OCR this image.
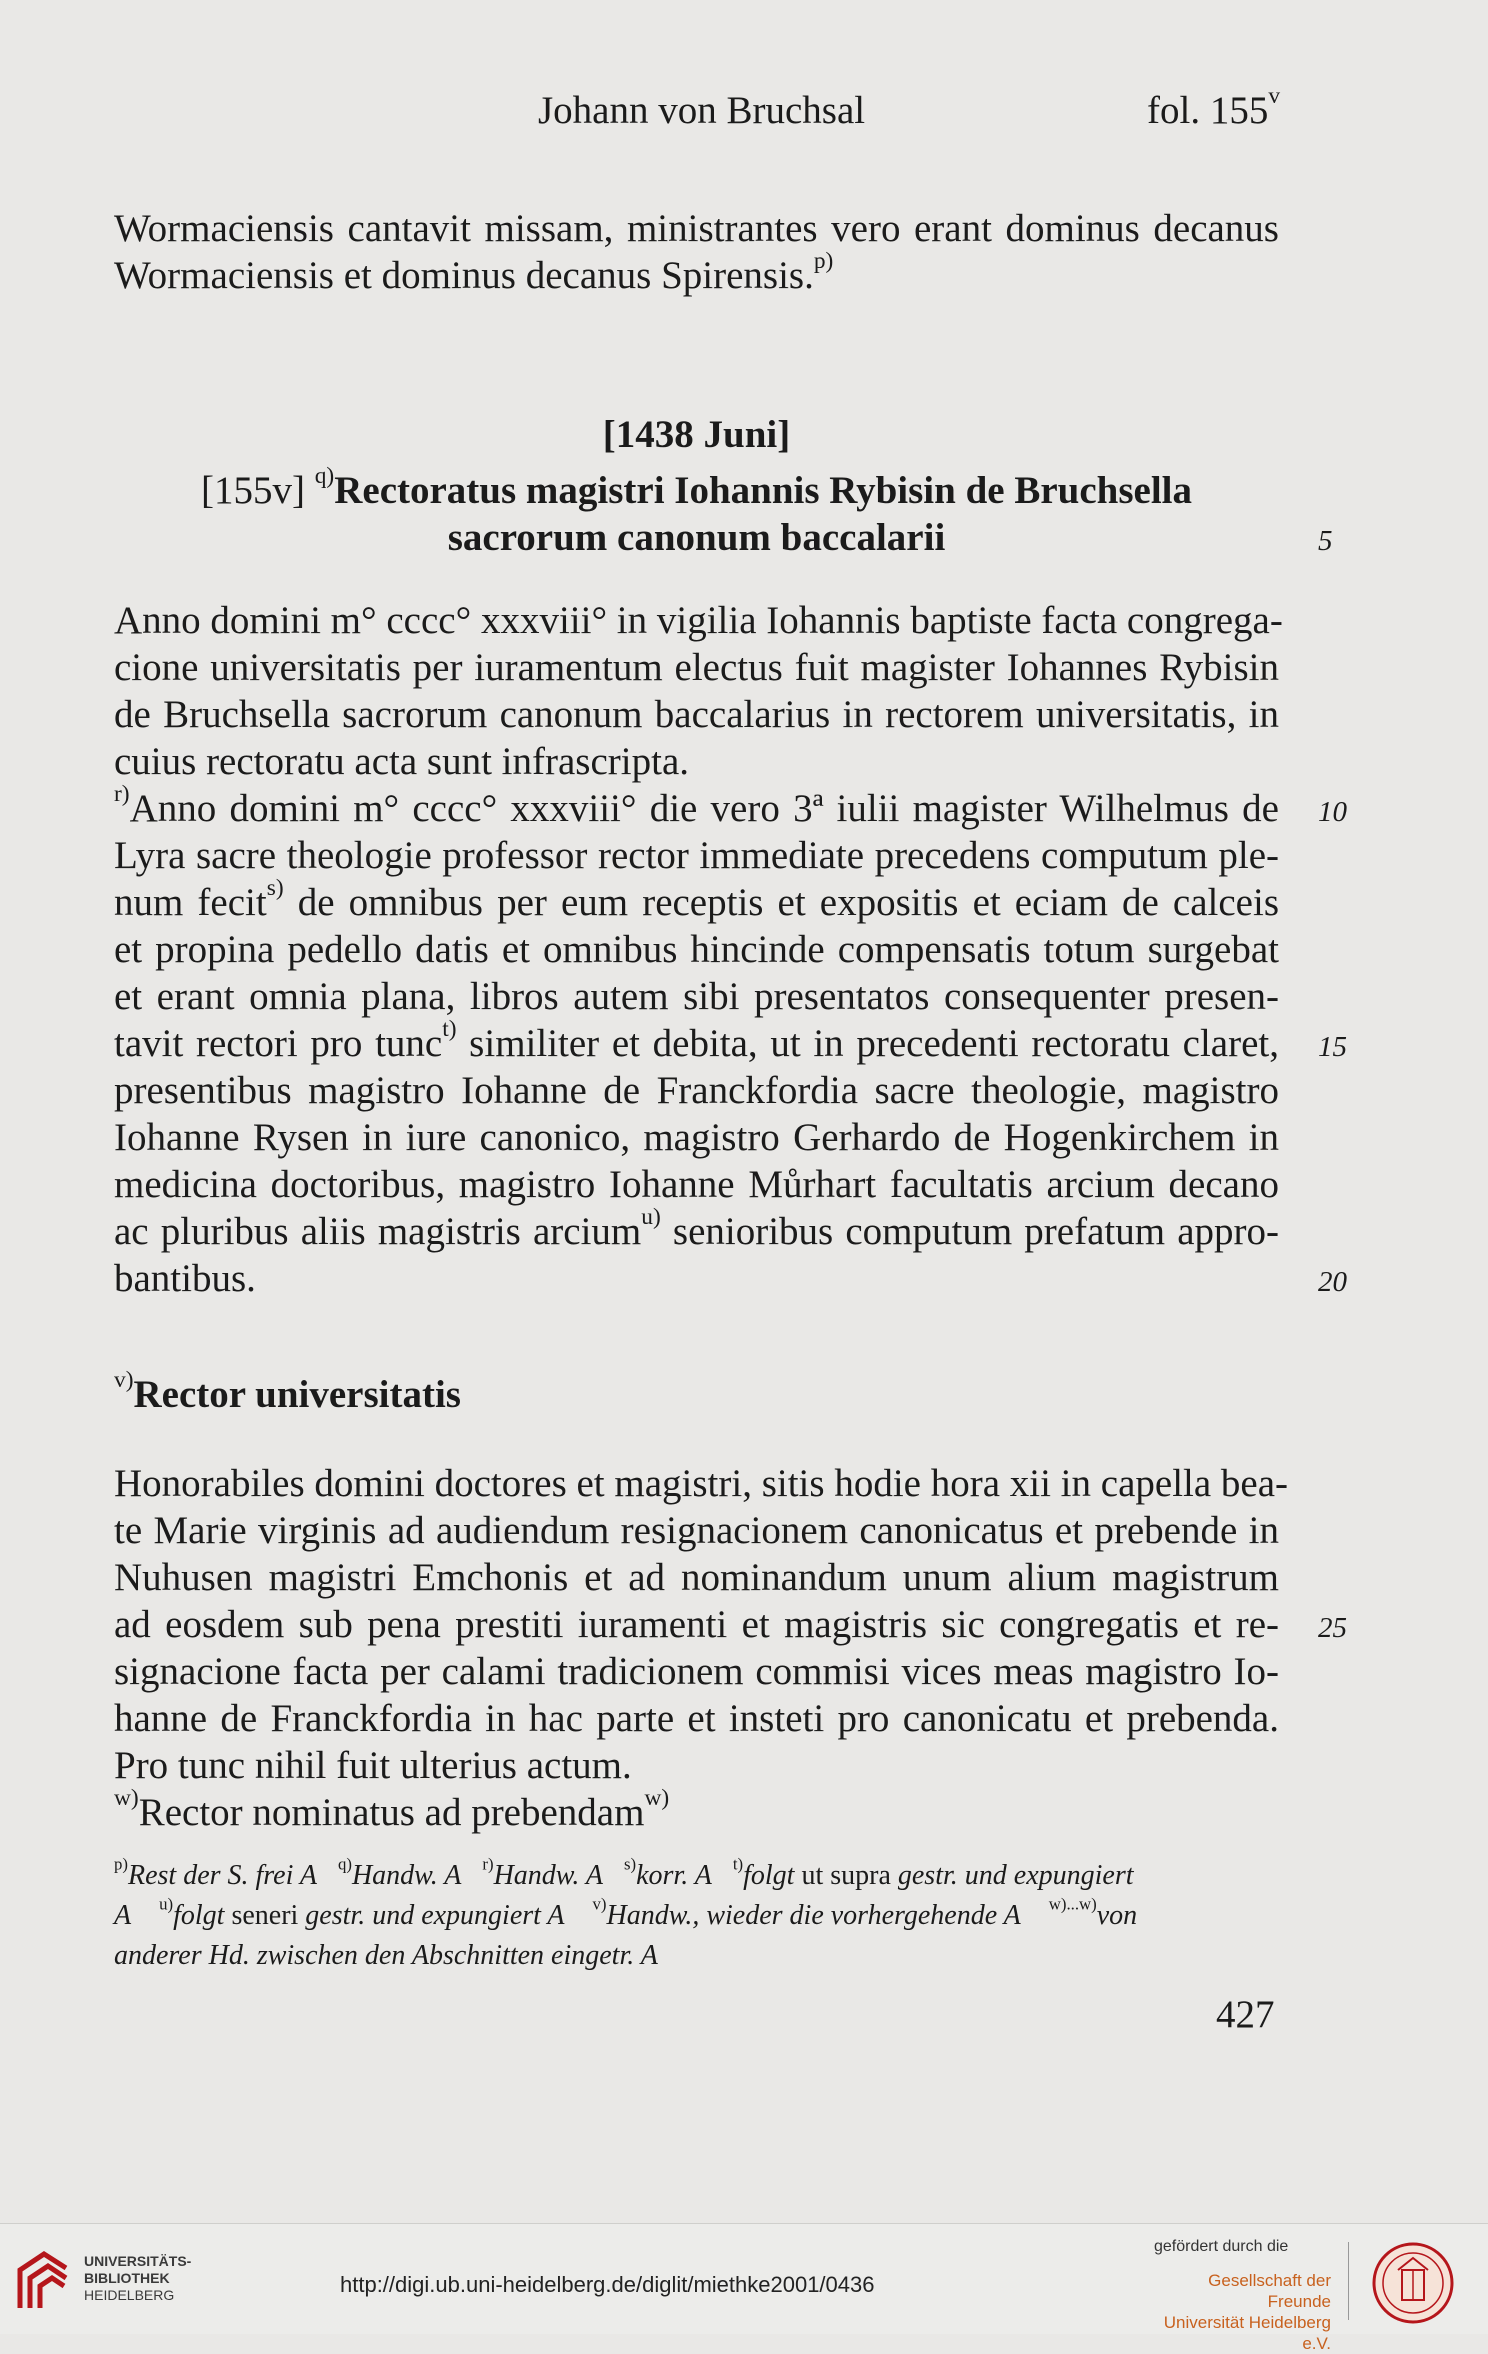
Johann von Bruchsal	fol. 155$^v$
Wormaciensis cantavit missam, ministrantes vero erant dominus decanus
Wormaciensis et dominus decanus Spirensis.$^{p)}$
[1438 Juni]
[155v] $^{q)}$Rectoratus magistri Iohannis Rybisin de Bruchsella
sacrorum canonum baccalarii	5
Anno domini m° cccc° xxxviii° in vigilia Iohannis baptiste facta congrega-
cione universitatis per iuramentum electus fuit magister Iohannes Rybisin
de Bruchsella sacrorum canonum baccalarius in rectorem universitatis, in
cuius rectoratu acta sunt infrascripta.
$^{r)}$Anno domini m° cccc° xxxviii° die vero 3ª iulii magister Wilhelmus de 10
Lyra sacre theologie professor rector immediate precedens computum ple-
num fecit$^{s)}$ de omnibus per eum receptis et expositis et eciam de calceis
et propina pedello datis et omnibus hincinde compensatis totum surgebat
et erant omnia plana, libros autem sibi presentatos consequenter presen-
tavit rectori pro tunc$^{t)}$ similiter et debita, ut in precedenti rectoratu claret, 15
presentibus magistro Iohanne de Franckfordia sacre theologie, magistro
Iohanne Rysen in iure canonico, magistro Gerhardo de Hogenkirchem in
medicina doctoribus, magistro Iohanne Můrhart facultatis arcium decano
ac pluribus aliis magistris arcium$^{u)}$ senioribus computum prefatum appro-
bantibus.	20
$^{v)}$Rector universitatis
Honorabiles domini doctores et magistri, sitis hodie hora xii in capella bea-
te Marie virginis ad audiendum resignacionem canonicatus et prebende in
Nuhusen magistri Emchonis et ad nominandum unum alium magistrum
ad eosdem sub pena prestiti iuramenti et magistris sic congregatis et re- 25
signacione facta per calami tradicionem commisi vices meas magistro Io-
hanne de Franckfordia in hac parte et insteti pro canonicatu et prebenda.
Pro tunc nihil fuit ulterius actum.
$^{w)}$Rector nominatus ad prebendam$^{w)}$
$^{p)}$Rest der S. frei A $^{q)}$Handw. A $^{r)}$Handw. A $^{s)}$korr. A $^{t)}$folgt ut supra gestr. und expungiert
A $^{u)}$folgt seneri gestr. und expungiert A $^{v)}$Handw., wieder die vorhergehende A $^{w)...w)}$von
anderer Hd. zwischen den Abschnitten eingetr. A
427
UNIVERSITÄTS-
BIBLIOTHEK
HEIDELBERG	http://digi.ub.uni-heidelberg.de/diglit/miethke2001/0436
gefördert durch die
Gesellschaft der Freunde
Universität Heidelberg e.V.
